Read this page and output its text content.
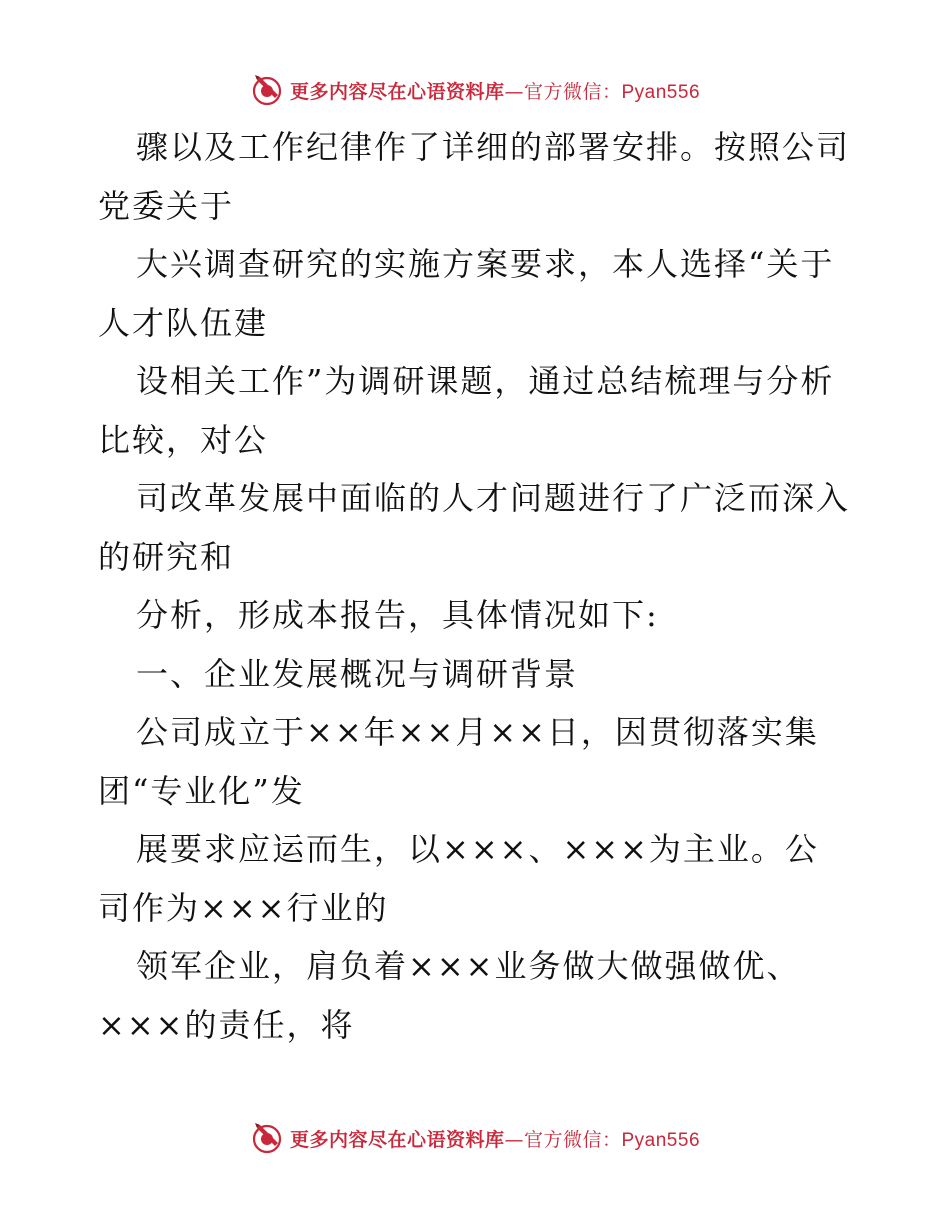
更多内容尽在心语资料库—官方微信：Pyan556
骤以及工作纪律作了详细的部署安排。按照公司
党委关于
大兴调查研究的实施方案要求，本人选择“关于
人才队伍建
设相关工作”为调研课题，通过总结梳理与分析
比较，对公
司改革发展中面临的人才问题进行了广泛而深入
的研究和
分析，形成本报告，具体情况如下:
一、企业发展概况与调研背景
公司成立于××年××月××日，因贯彻落实集
团“专业化”发
展要求应运而生，以×××、×××为主业。公
司作为×××行业的
领军企业，肩负着×××业务做大做强做优、
×××的责任，将
更多内容尽在心语资料库—官方微信：Pyan556
